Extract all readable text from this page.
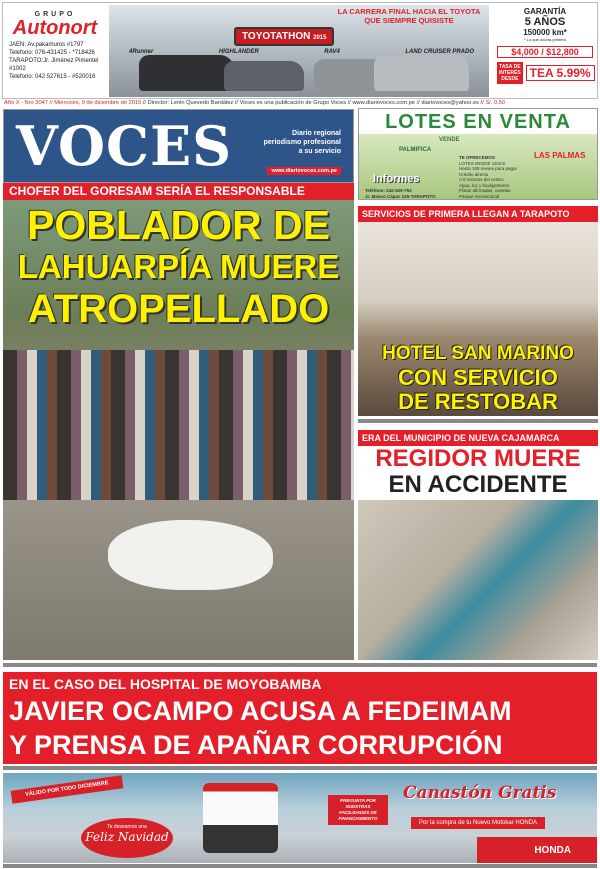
GRUPO
Autonort
JAEN: Av.pakamuros #1797
Telefono: 076-431425 - *718426
TARAPOTO:Jr. Jiménez Pimentel #1002
Telefono: 042 527615 - #520016
LA CARRERA FINAL HACIA EL TOYOTA QUE SIEMPRE QUISISTE
TOYOTATHON 2015
4Runner	HIGHLANDER	RAV4	LAND CRUISER PRADO
GARANTÍA
5 AÑOS
150000 km*
* Lo que ocurra primero
$4,000 / $12,800
TASA DE INTERÉS DESDE TEA 5.99%
Año X - Nro 3047 // Miércoles, 9 de diciembre de 2015 // Director: Lenin Quevedo Bardález // Voces es una publicación de Grupo Voces // www.diariovoces.com.pe // diariovoces@yahoo.es // S/. 0.50
VOCES	Diario regional periodismo profesional a su servicio
www.diariovoces.com.pe
CHOFER DEL GORESAM SERÍA EL RESPONSABLE
POBLADOR DE
LAHUARPÍA MUERE
ATROPELLADO
LOTES EN VENTA
VENDE
PALMIFICA
TE OFRECEMOS
LOTES DESDE 110m2
Hasta 108 meses para pagar
Crédito directo
A 8 minutos del centro
Agua, luz y biodigestores
Pistas afirmadas, cunetas
Parque recreacional
LAS PALMAS
Informes
Teléfono: 042-529-754
Jr. Manco Cápac 225-TARAPOTO
SERVICIOS DE PRIMERA LLEGAN A TARAPOTO
HOTEL SAN MARINO
CON SERVICIO
DE RESTOBAR
ERA DEL MUNICIPIO DE NUEVA CAJAMARCA
REGIDOR MUERE
EN ACCIDENTE
EN EL CASO DEL HOSPITAL DE MOYOBAMBA
JAVIER OCAMPO ACUSA A FEDEIMAM
Y PRENSA DE APAÑAR CORRUPCIÓN
VÁLIDO POR TODO DICIEMBRE
Te deseamos una
Feliz Navidad
PREGUNTA POR NUESTRAS FACILIDADES DE FINANCIAMIENTO
HONDA
Canastón Gratis
Por la compra de tu Nuevo Motokar HONDA
